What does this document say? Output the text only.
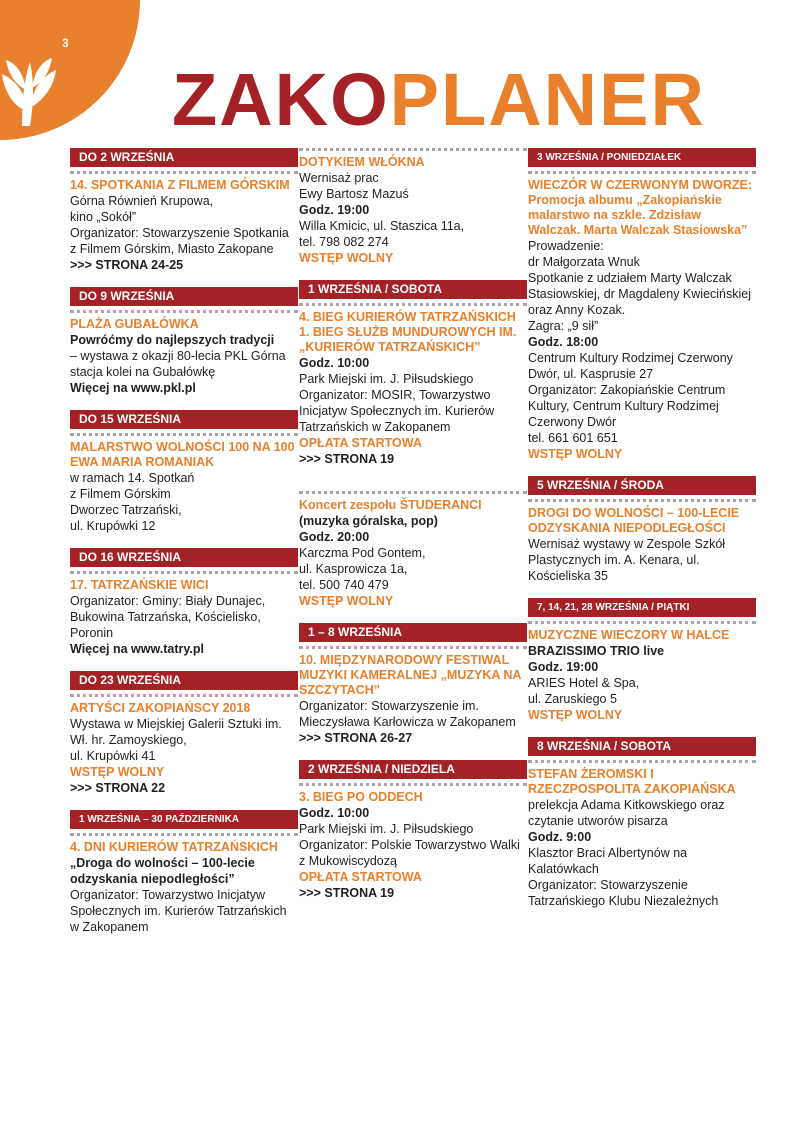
3
ZAKOPLANER
DO 2 WRZEŚNIA
14. SPOTKANIA Z FILMEM GÓRSKIM
Górna Równień Krupowa,
kino „Sokół”
Organizator: Stowarzyszenie Spotkania z Filmem Górskim, Miasto Zakopane
>>> STRONA 24-25
DO 9 WRZEŚNIA
PLAŻA GUBAŁÓWKA
Powróćmy do najlepszych tradycji
– wystawa z okazji 80-lecia PKL Górna stacja kolei na Gubałówkę
Więcej na www.pkl.pl
DO 15 WRZEŚNIA
MALARSTWO WOLNOŚCI 100 NA 100 EWA MARIA ROMANIAK
w ramach 14. Spotkań
z Filmem Górskim
Dworzec Tatrzański,
ul. Krupówki 12
DO 16 WRZEŚNIA
17. TATRZAŃSKIE WICI
Organizator: Gminy: Biały Dunajec, Bukowina Tatrzańska, Kościelisko, Poronin
Więcej na www.tatry.pl
DO 23 WRZEŚNIA
ARTYŚCI ZAKOPIAŃSCY 2018
Wystawa w Miejskiej Galerii Sztuki im. Wł. hr. Zamoyskiego,
ul. Krupówki 41
WSTĘP WOLNY
>>> STRONA 22
1 WRZEŚNIA – 30 PAŹDZIERNIKA
4. DNI KURIERÓW TATRZAŃSKICH
„Droga do wolności – 100-lecie odzyskania niepodległości”
Organizator: Towarzystwo Inicjatyw Społecznych im. Kurierów Tatrzańskich w Zakopanem
DOTYKIEM WŁÓKNA
Wernisaż prac
Ewy Bartosz Mazuś
Godz. 19:00
Willa Kmicic, ul. Staszica 11a,
tel. 798 082 274
WSTĘP WOLNY
1 WRZEŚNIA / SOBOTA
4. BIEG KURIERÓW TATRZAŃSKICH 1. BIEG SŁUŻB MUNDUROWYCH IM. „KURIERÓW TATRZAŃSKICH”
Godz. 10:00
Park Miejski im. J. Piłsudskiego
Organizator: MOSIR, Towarzystwo Inicjatyw Społecznych im. Kurierów Tatrzańskich w Zakopanem
OPŁATA STARTOWA
>>> STRONA 19
Koncert zespołu ŠTUDERANCI
(muzyka góralska, pop)
Godz. 20:00
Karczma Pod Gontem,
ul. Kasprowicza 1a,
tel. 500 740 479
WSTĘP WOLNY
1 – 8 WRZEŚNIA
10. MIĘDZYNARODOWY FESTIWAL MUZYKI KAMERALNEJ „MUZYKA NA SZCZYTACH”
Organizator: Stowarzyszenie im. Mieczysława Karłowicza w Zakopanem
>>> STRONA 26-27
2 WRZEŚNIA / NIEDZIELA
3. BIEG PO ODDECH
Godz. 10:00
Park Miejski im. J. Piłsudskiego
Organizator: Polskie Towarzystwo Walki z Mukowiscydozą
OPŁATA STARTOWA
>>> STRONA 19
3 WRZEŚNIA / PONIEDZIAŁEK
WIECZÓR W CZERWONYM DWORZE: Promocja albumu „Zakopiańskie malarstwo na szkle. Zdzisław Walczak. Marta Walczak Stasiowska”
Prowadzenie:
dr Małgorzata Wnuk
Spotkanie z udziałem Marty Walczak Stasiowskiej, dr Magdaleny Kwiecińskiej oraz Anny Kozak.
Zagra: „9 sił”
Godz. 18:00
Centrum Kultury Rodzimej Czerwony Dwór, ul. Kasprusie 27
Organizator: Zakopiańskie Centrum Kultury, Centrum Kultury Rodzimej Czerwony Dwór
tel. 661 601 651
WSTĘP WOLNY
5 WRZEŚNIA / ŚRODA
DROGI DO WOLNOŚCI – 100-LECIE ODZYSKANIA NIEPODLEGŁOŚCI
Wernisaż wystawy w Zespole Szkół Plastycznych im. A. Kenara, ul. Kościeliska 35
7, 14, 21, 28 WRZEŚNIA / PIĄTKI
MUZYCZNE WIECZORY W HALCE
BRAZISSIMO TRIO live
Godz. 19:00
ARIES Hotel & Spa,
ul. Zaruskiego 5
WSTĘP WOLNY
8 WRZEŚNIA / SOBOTA
STEFAN ŻEROMSKI I RZECZPOSPOLITA ZAKOPIAŃSKA
prelekcja Adama Kitkowskiego oraz czytanie utworów pisarza
Godz. 9:00
Klasztor Braci Albertynów na Kalatówkach
Organizator: Stowarzyszenie Tatrzańskiego Klubu Niezależnych
